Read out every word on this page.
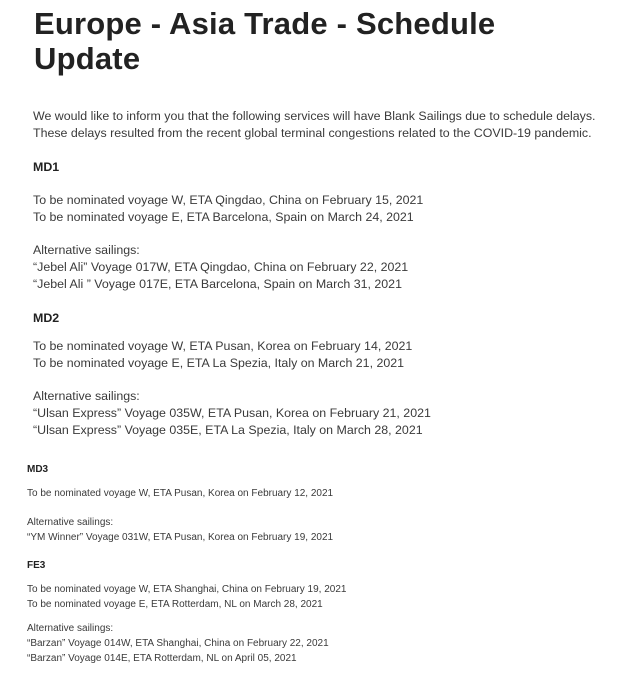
Europe - Asia Trade - Schedule Update
We would like to inform you that the following services will have Blank Sailings due to schedule delays.
These delays resulted from the recent global terminal congestions related to the COVID-19 pandemic.
MD1
To be nominated voyage W, ETA Qingdao, China on February 15, 2021
To be nominated voyage E, ETA Barcelona, Spain on March 24, 2021
Alternative sailings:
“Jebel Ali” Voyage 017W, ETA Qingdao, China on February 22, 2021
“Jebel Ali ” Voyage 017E, ETA Barcelona, Spain on March 31, 2021
MD2
To be nominated voyage W, ETA Pusan, Korea on February 14, 2021
To be nominated voyage E, ETA La Spezia, Italy on March 21, 2021
Alternative sailings:
“Ulsan Express” Voyage 035W, ETA Pusan, Korea on February 21, 2021
“Ulsan Express” Voyage 035E, ETA La Spezia, Italy on March 28, 2021
MD3
To be nominated voyage W, ETA Pusan, Korea on February 12, 2021
Alternative sailings:
“YM Winner” Voyage 031W, ETA Pusan, Korea on February 19, 2021
FE3
To be nominated voyage W, ETA Shanghai, China on February 19, 2021
To be nominated voyage E, ETA Rotterdam, NL on March 28, 2021
Alternative sailings:
“Barzan” Voyage 014W, ETA Shanghai, China on February 22, 2021
“Barzan” Voyage 014E, ETA Rotterdam, NL on April 05, 2021
